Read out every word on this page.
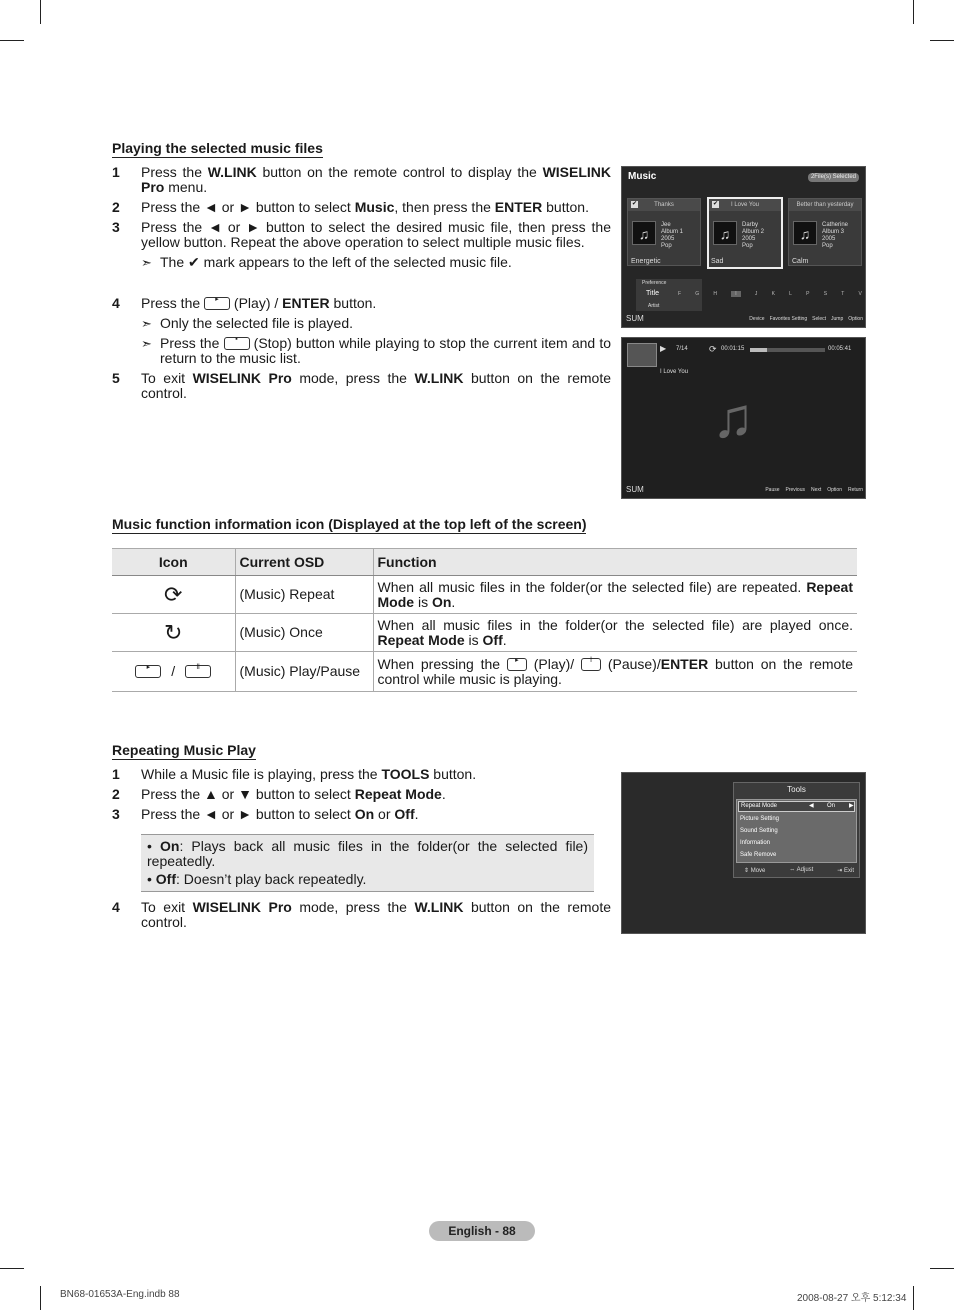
Playing the selected music files
1	Press the W.LINK button on the remote control to display the WISELINK Pro menu.
2	Press the ◄ or ► button to select Music, then press the ENTER button.
3	Press the ◄ or ► button to select the desired music file, then press the yellow button. Repeat the above operation to select multiple music files.
➣ The ✔ mark appears to the left of the selected music file.
4	Press the	▸ (Play) / ENTER button.
➣ Only the selected file is played.
➣ Press the	▪ (Stop) button while playing to stop the current item and to return to the music list.
5	To exit WISELINK Pro mode, press the W.LINK button on the remote control.
Music	2File(s) Selected
Thanks
✔
♫
Jee
Album 1
2005
Pop
I Love You
✔
♫
Darby
Album 2
2005
Pop
Better than yesterday
♫
Catherine
Album 3
2005
Pop
Energetic	Sad	Calm
Preference
Title
Artist
F	G	H	I	J	K	L	P	S	T	V
SUM	Device Favorites Setting Select Jump Option
▶ 7/14 ⟳ 00:01:15	00:05:41
I Love You
♫
SUM	Pause Previous Next Option Return
Music function information icon (Displayed at the top left of the screen)
Icon	Current OSD	Function
⟳	(Music) Repeat	When all music files in the folder(or the selected file) are repeated. Repeat Mode is On.
↻	(Music) Once	When all music files in the folder(or the selected file) are played once. Repeat Mode is Off.

▸ / ll	(Music) Play/Pause	When pressing the ▸ (Play)/ l (Pause)/ENTER button on the remote control while music is playing.
Repeating Music Play
1	While a Music file is playing, press the TOOLS button.
2	Press the ▲ or ▼ button to select Repeat Mode.
3	Press the ◄ or ► button to select On or Off.
• On: Plays back all music files in the folder(or the selected file) repeatedly.
• Off: Doesn’t play back repeatedly.
4	To exit WISELINK Pro mode, press the W.LINK button on the remote control.
Tools
Repeat Mode	◀ On ▶
Picture Setting
Sound Setting
Information
Safe Remove
⇕ Move	⇔ Adjust	⇥ Exit
English - 88
BN68-01653A-Eng.indb 88	2008-08-27 오후 5:12:34
